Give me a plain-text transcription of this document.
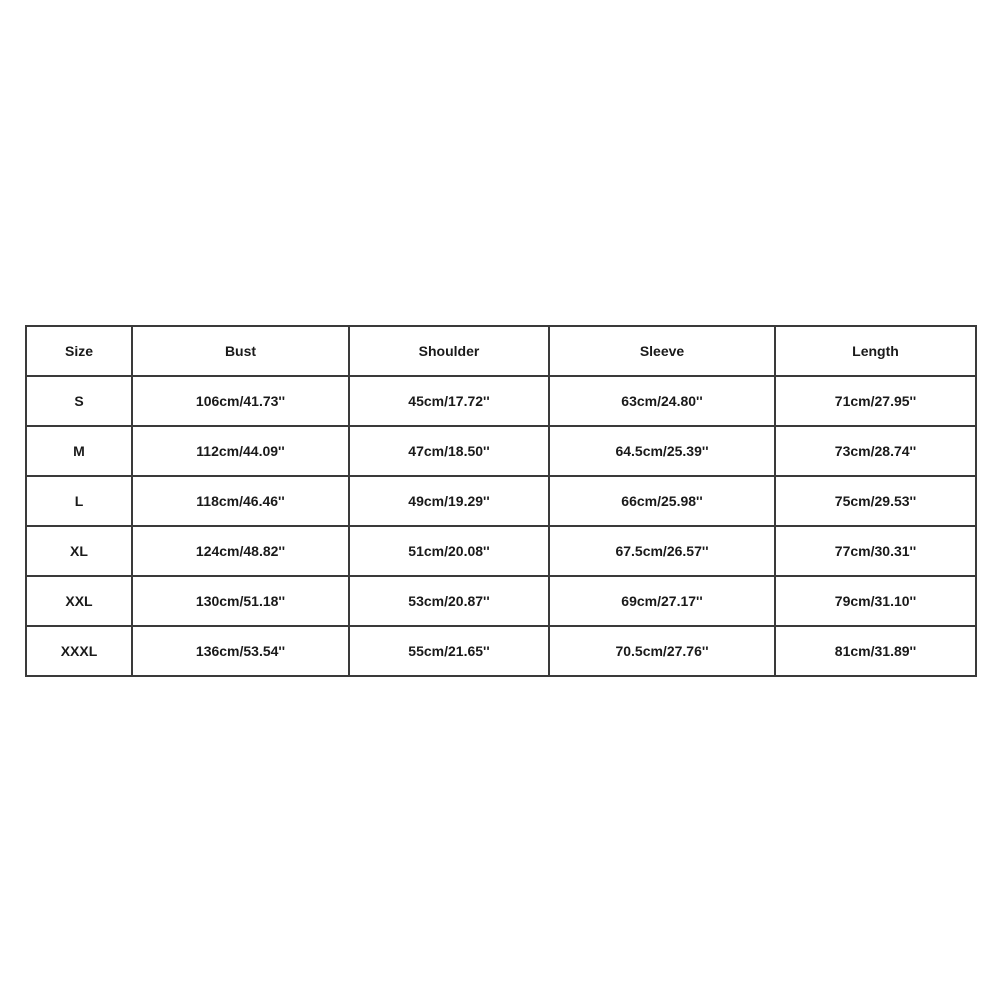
Size	Bust	Shoulder	Sleeve	Length
S	106cm/41.73''	45cm/17.72''	63cm/24.80''	71cm/27.95''
M	112cm/44.09''	47cm/18.50''	64.5cm/25.39''	73cm/28.74''
L	118cm/46.46''	49cm/19.29''	66cm/25.98''	75cm/29.53''
XL	124cm/48.82''	51cm/20.08''	67.5cm/26.57''	77cm/30.31''
XXL	130cm/51.18''	53cm/20.87''	69cm/27.17''	79cm/31.10''
XXXL	136cm/53.54''	55cm/21.65''	70.5cm/27.76''	81cm/31.89''
